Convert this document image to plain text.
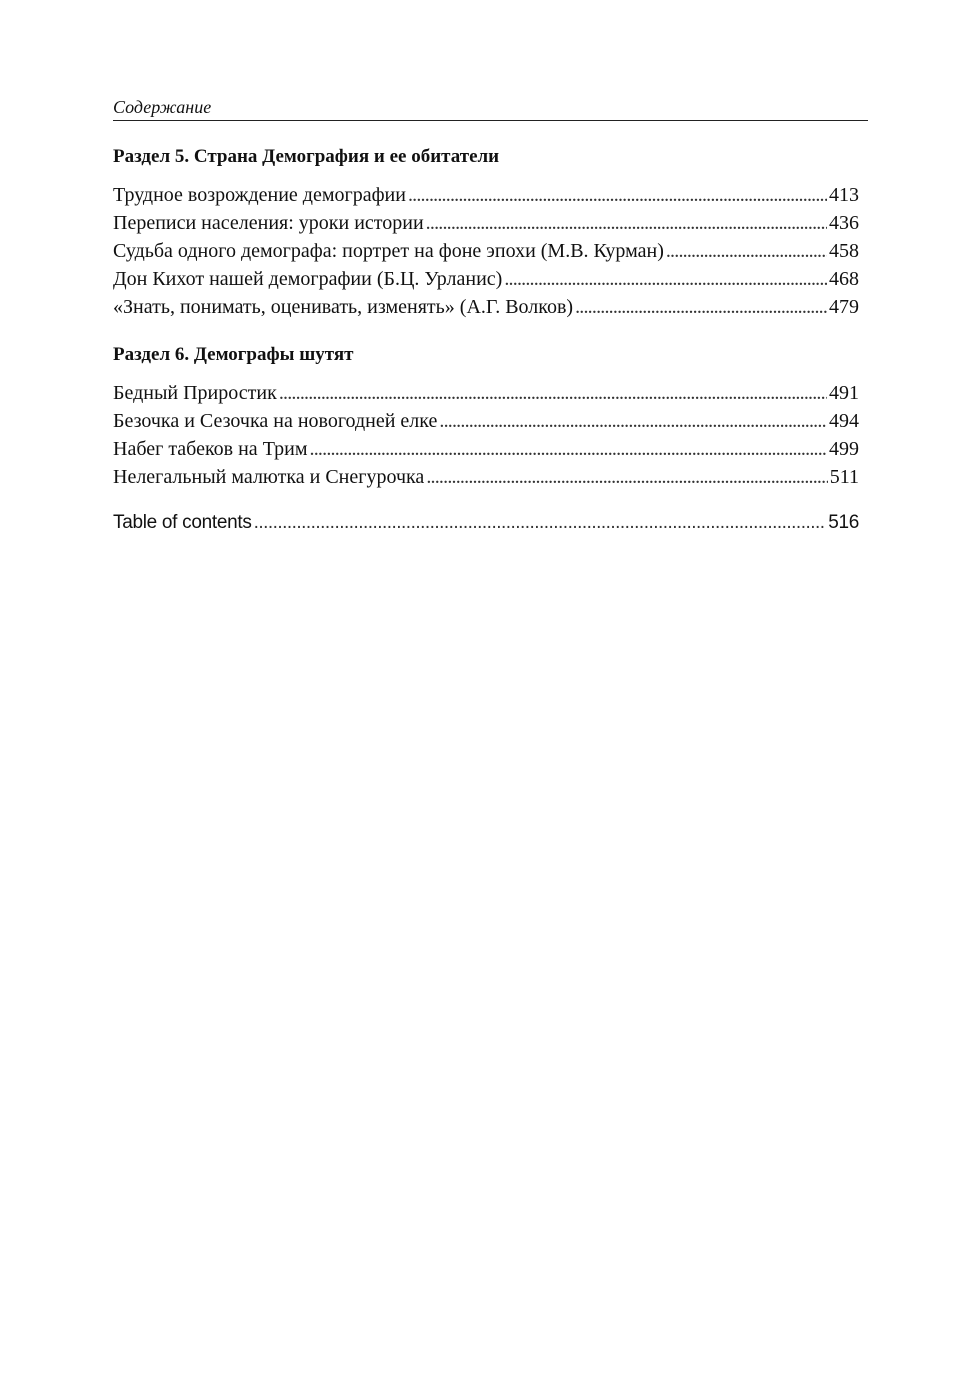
Содержание
Раздел 5. Страна Демография и ее обитатели
Трудное возрождение демографии . . .	413
Переписи населения: уроки истории . . .	436
Судьба одного демографа: портрет на фоне эпохи (М.В. Курман) . . .	458
Дон Кихот нашей демографии (Б.Ц. Урланис) . . .	468
«Знать, понимать, оценивать, изменять» (А.Г. Волков) . . .	479
Раздел 6. Демографы шутят
Бедный Приростик . . .	491
Безочка и Сезочка на новогодней елке . . .	494
Набег табеков на Трим . . .	499
Нелегальный малютка и Снегурочка . . .	511
Table of contents . . .	516
